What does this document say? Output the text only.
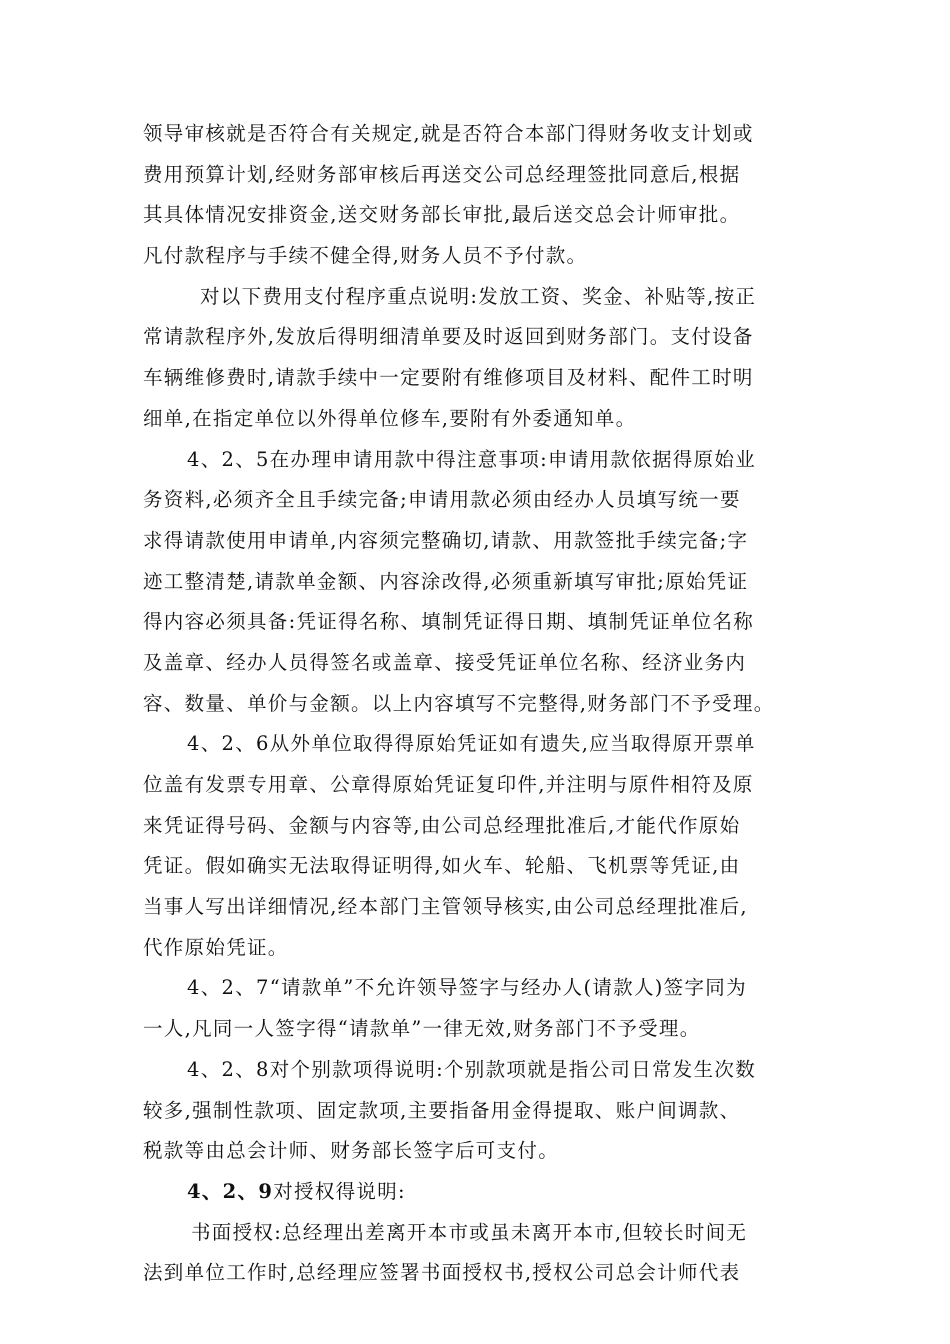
领导审核就是否符合有关规定,就是否符合本部门得财务收支计划或
费用预算计划,经财务部审核后再送交公司总经理签批同意后,根据
其具体情况安排资金,送交财务部长审批,最后送交总会计师审批。
凡付款程序与手续不健全得,财务人员不予付款。
对以下费用支付程序重点说明:发放工资、奖金、补贴等,按正
常请款程序外,发放后得明细清单要及时返回到财务部门。支付设备
车辆维修费时,请款手续中一定要附有维修项目及材料、配件工时明
细单,在指定单位以外得单位修车,要附有外委通知单。
4、2、5在办理申请用款中得注意事项:申请用款依据得原始业
务资料,必须齐全且手续完备;申请用款必须由经办人员填写统一要
求得请款使用申请单,内容须完整确切,请款、用款签批手续完备;字
迹工整清楚,请款单金额、内容涂改得,必须重新填写审批;原始凭证
得内容必须具备:凭证得名称、填制凭证得日期、填制凭证单位名称
及盖章、经办人员得签名或盖章、接受凭证单位名称、经济业务内
容、数量、单价与金额。以上内容填写不完整得,财务部门不予受理。
4、2、6从外单位取得得原始凭证如有遗失,应当取得原开票单
位盖有发票专用章、公章得原始凭证复印件,并注明与原件相符及原
来凭证得号码、金额与内容等,由公司总经理批准后,才能代作原始
凭证。假如确实无法取得证明得,如火车、轮船、飞机票等凭证,由
当事人写出详细情况,经本部门主管领导核实,由公司总经理批准后,
代作原始凭证。
4、2、7“请款单”不允许领导签字与经办人(请款人)签字同为
一人,凡同一人签字得“请款单”一律无效,财务部门不予受理。
4、2、8对个别款项得说明:个别款项就是指公司日常发生次数
较多,强制性款项、固定款项,主要指备用金得提取、账户间调款、
税款等由总会计师、财务部长签字后可支付。
4、2、9对授权得说明:
书面授权:总经理出差离开本市或虽未离开本市,但较长时间无
法到单位工作时,总经理应签署书面授权书,授权公司总会计师代表
